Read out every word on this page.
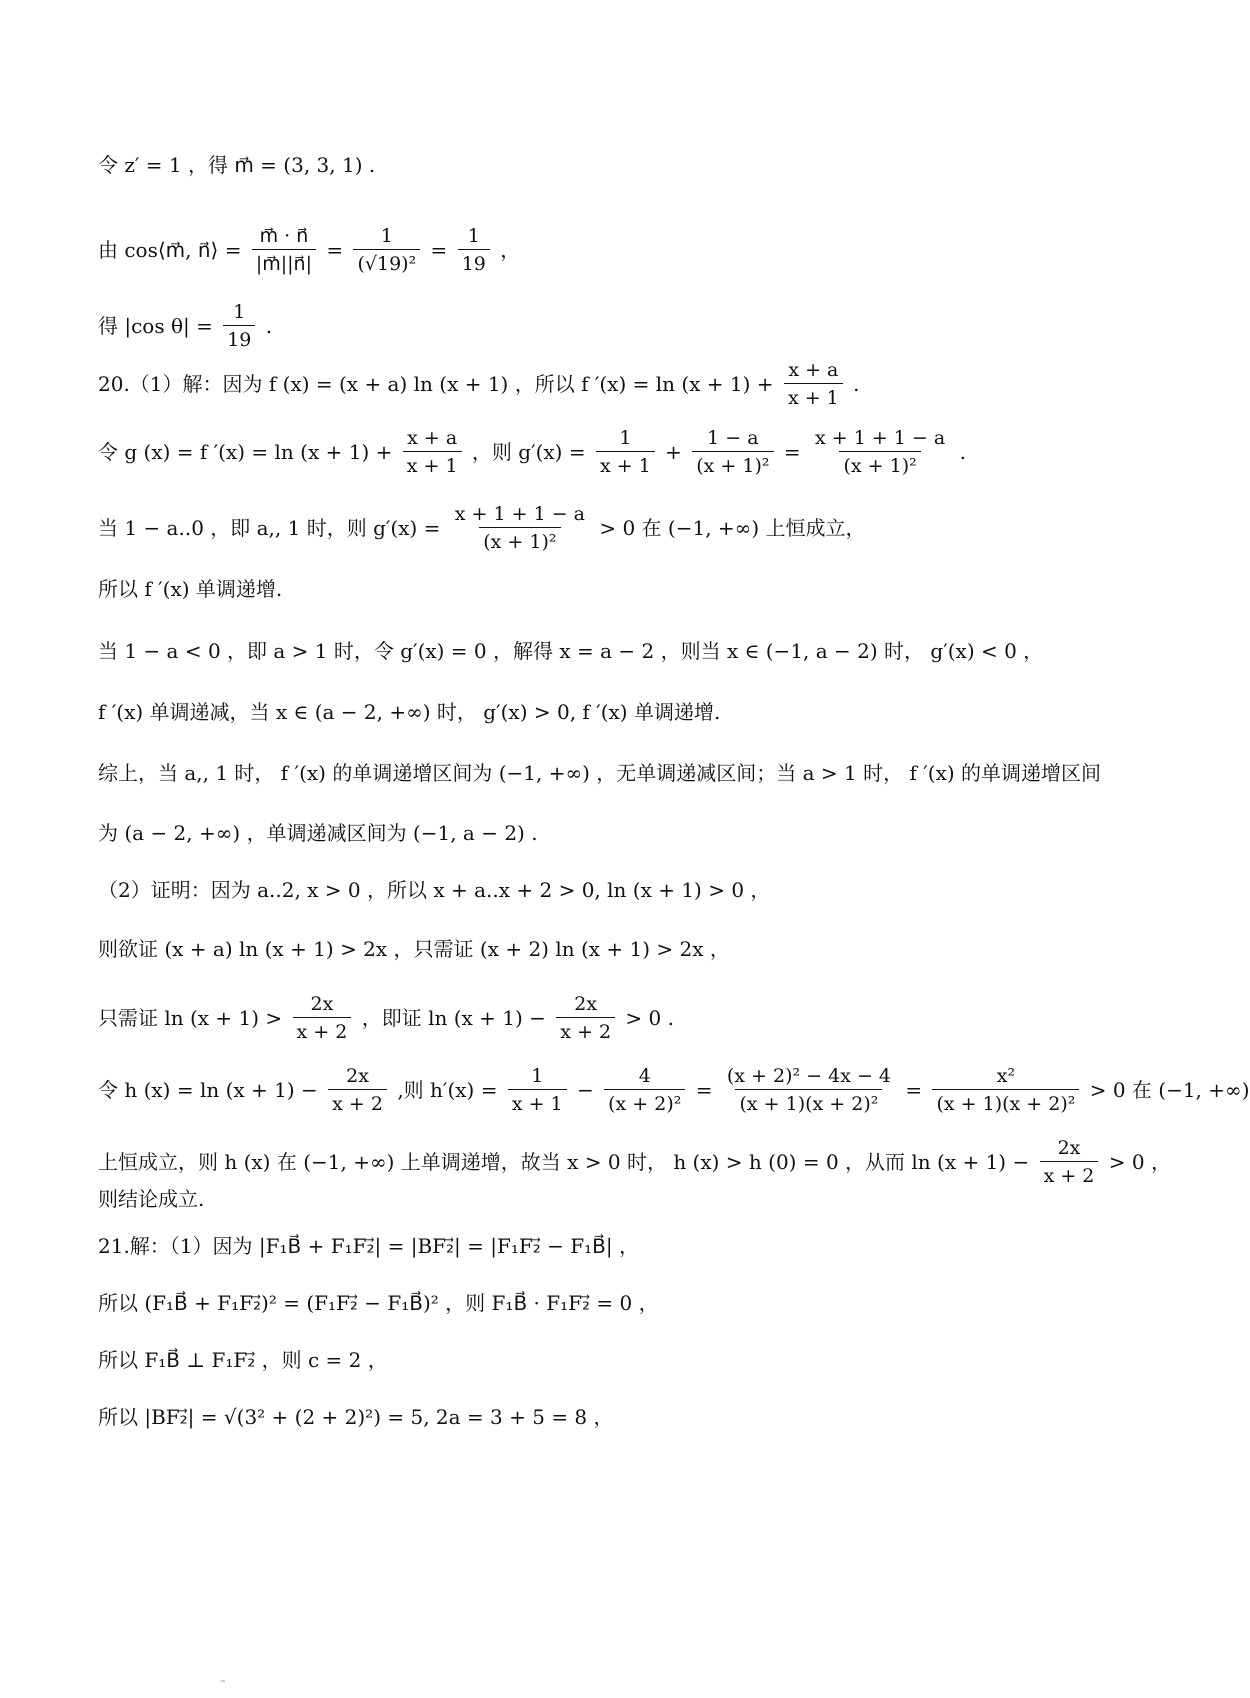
令 z′ = 1 ，得 m⃗ = (3, 3, 1) .
由 cos⟨m⃗, n⃗⟩ = $\frac{m⃗ \cdot n⃗}{|m⃗||n⃗|} = \frac{1}{\text{(√19)²}} = \frac{1}{19}$ ，
得 |cos $\theta| = \frac{1}{19}$ .
20.（1）解：因为 f (x) = (x + a) ln (x + 1) ，所以 f $'(x) = \ln (x + 1) + \frac{x + a}{x + 1}$ .
令 g (x) = f $'(x) = \ln (x + 1) + \frac{x + a}{x + 1}$ ，则 $g'(x) = \frac{1}{x + 1} + \frac{1 - a}{\text{(x + 1)²}} = \frac{x + 1 + 1 - a}{\text{(x + 1)²}}$ .
当 1 − a..0 ，即 a,, 1 时，则 $g'(x) = \frac{x + 1 + 1 - a}{\text{(x + 1)²}} > 0$ 在 (−1, +∞) 上恒成立，
所以 f ′(x) 单调递增.
当 1 − a < 0 ，即 a > 1 时，令 g′(x) = 0 ，解得 x = a − 2 ，则当 x ∈ (−1, a − 2) 时， g′(x) < 0 ，
f ′(x) 单调递减，当 x ∈ (a − 2, +∞) 时， g′(x) > 0, f ′(x) 单调递增.
综上，当 a,, 1 时， f ′(x) 的单调递增区间为 (−1, +∞) ，无单调递减区间；当 a > 1 时， f ′(x) 的单调递增区间
为 (a − 2, +∞) ，单调递减区间为 (−1, a − 2) .
（2）证明：因为 a..2, x > 0 ，所以 x + a..x + 2 > 0, ln (x + 1) > 0 ，
则欲证 (x + a) ln (x + 1) > 2x ，只需证 (x + 2) ln (x + 1) > 2x ，
只需证 $\ln (x + 1) > \frac{2x}{x + 2}$ ，即证 $\ln (x + 1) - \frac{2x}{x + 2} > 0$ .
令 h $(x) = \ln (x + 1) - \frac{2x}{x + 2}$ ,则 $h'(x) = \frac{1}{x + 1} - \frac{4}{\text{(x + 2)²}} = \frac{\text{(x + 2)² − 4x − 4}}{\text{(x + 1)(x + 2)²}} = \frac{\text{x²}}{\text{(x + 1)(x + 2)²}} > 0$ 在 (−1, +∞)
上恒成立，则 h (x) 在 (−1, +∞) 上单调递增，故当 x > 0 时， h (x) > h (0) = 0 ，从而 $\ln (x + 1) - \frac{2x}{x + 2} > 0$ ，
则结论成立.
21.解：（1）因为 |F₁B⃗ + F₁F₂⃗| = |BF₂⃗| = |F₁F₂⃗ − F₁B⃗| ，
所以 (F₁B⃗ + F₁F₂⃗)² = (F₁F₂⃗ − F₁B⃗)² ，则 F₁B⃗ · F₁F₂⃗ = 0 ，
所以 F₁B⃗ ⊥ F₁F₂⃗ ，则 c = 2 ，
所以 |BF₂⃗| = √(3² + (2 + 2)²) = 5, 2a = 3 + 5 = 8 ，
